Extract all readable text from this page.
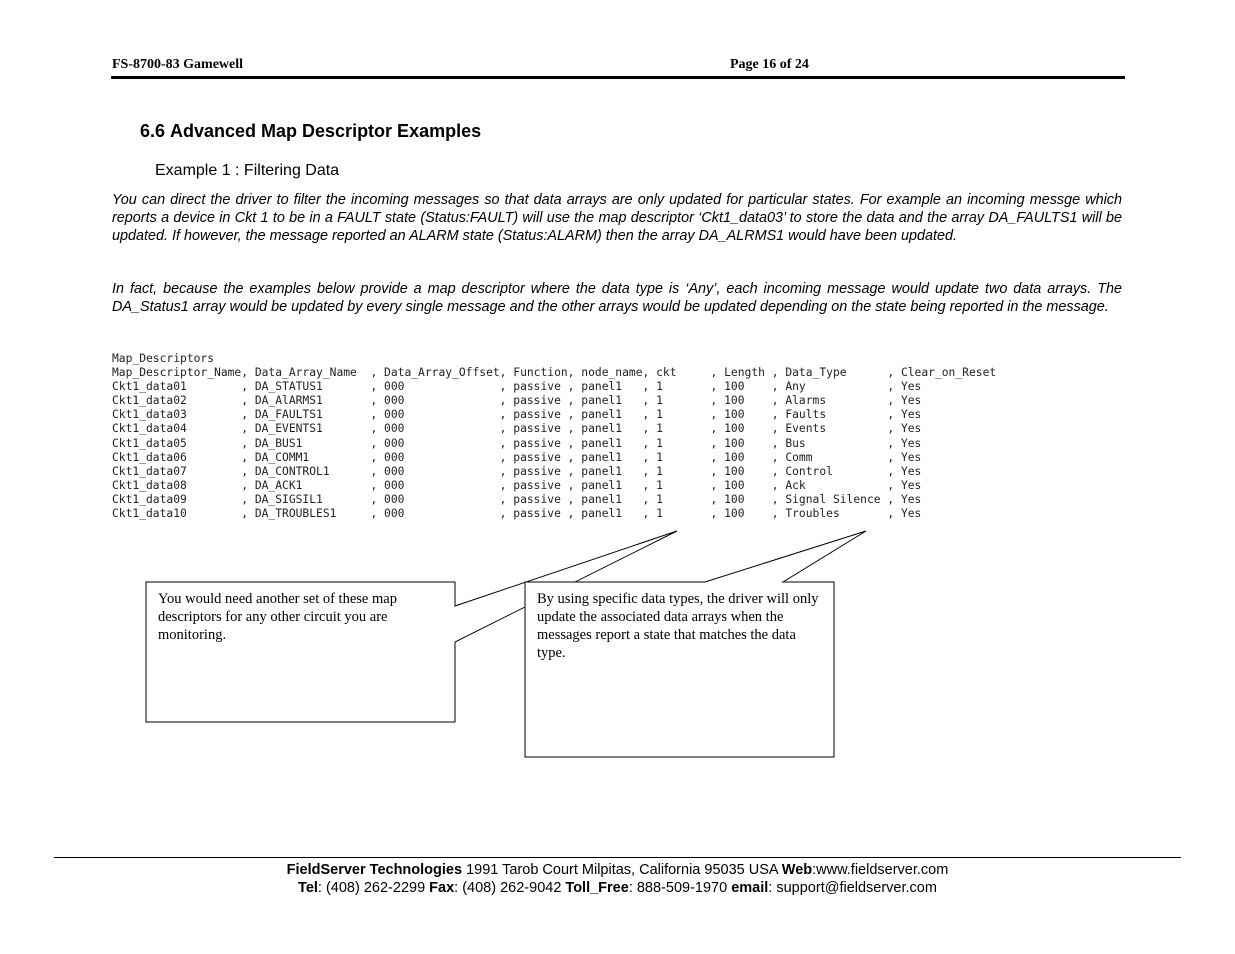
FS-8700-83 Gamewell	Page 16 of 24
6.6 Advanced Map Descriptor Examples
Example 1 : Filtering Data

You can direct the driver to filter the incoming messages so that data arrays are only updated for particular states. For example an incoming messge which reports a device in Ckt 1 to be in a FAULT state (Status:FAULT) will use the map descriptor ‘Ckt1_data03’ to store the data and the array DA_FAULTS1 will be updated. If however, the message reported an ALARM state (Status:ALARM) then the array DA_ALRMS1 would have been updated.

In fact, because the examples below provide a map descriptor where the data type is ‘Any’, each incoming message would update two data arrays. The DA_Status1 array would be updated by every single message and the other arrays would be updated depending on the state being reported in the message.

Map_Descriptors
Map_Descriptor_Name, Data_Array_Name  , Data_Array_Offset, Function, node_name, ckt     , Length , Data_Type      , Clear_on_Reset
Ckt1_data01        , DA_STATUS1       , 000              , passive , panel1   , 1       , 100    , Any            , Yes
Ckt1_data02        , DA_AlARMS1       , 000              , passive , panel1   , 1       , 100    , Alarms         , Yes
Ckt1_data03        , DA_FAULTS1       , 000              , passive , panel1   , 1       , 100    , Faults         , Yes
Ckt1_data04        , DA_EVENTS1       , 000              , passive , panel1   , 1       , 100    , Events         , Yes
Ckt1_data05        , DA_BUS1          , 000              , passive , panel1   , 1       , 100    , Bus            , Yes
Ckt1_data06        , DA_COMM1         , 000              , passive , panel1   , 1       , 100    , Comm           , Yes
Ckt1_data07        , DA_CONTROL1      , 000              , passive , panel1   , 1       , 100    , Control        , Yes
Ckt1_data08        , DA_ACK1          , 000              , passive , panel1   , 1       , 100    , Ack            , Yes
Ckt1_data09        , DA_SIGSIL1       , 000              , passive , panel1   , 1       , 100    , Signal Silence , Yes
Ckt1_data10        , DA_TROUBLES1     , 000              , passive , panel1   , 1       , 100    , Troubles       , Yes
You would need another set of these map descriptors for any other circuit you are monitoring.
By using specific data types, the driver will only update the associated data arrays when the messages report a state that matches the data type.
FieldServer Technologies 1991 Tarob Court Milpitas, California 95035 USA Web:www.fieldserver.com
Tel: (408) 262-2299 Fax: (408) 262-9042 Toll_Free: 888-509-1970 email: support@fieldserver.com
